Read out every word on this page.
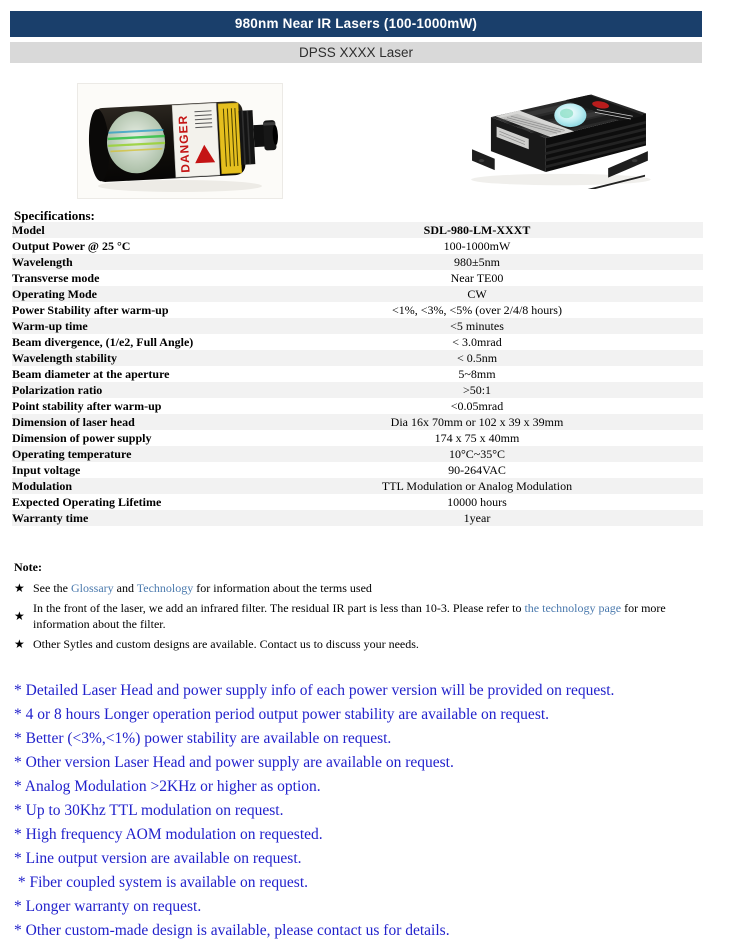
980nm Near IR Lasers (100-1000mW)
DPSS XXXX Laser
DANGER
Specifications:
Model	SDL-980-LM-XXXT
Output Power @ 25 °C	100-1000mW
Wavelength	980±5nm
Transverse mode	Near TE00
Operating Mode	CW
Power Stability after warm-up	<1%, <3%, <5% (over 2/4/8 hours)
Warm-up time	<5 minutes
Beam divergence, (1/e2, Full Angle)	< 3.0mrad
Wavelength stability	< 0.5nm
Beam diameter at the aperture	5~8mm
Polarization ratio	>50:1
Point stability after warm-up	<0.05mrad
Dimension of laser head	Dia 16x 70mm or 102 x 39 x 39mm
Dimension of power supply	174 x 75 x 40mm
Operating temperature	10°C~35°C
Input voltage	90-264VAC
Modulation	TTL Modulation or Analog Modulation
Expected Operating Lifetime	10000 hours
Warranty time	1year
Note:
★ See the Glossary and Technology for information about the terms used
★
In the front of the laser, we add an infrared filter. The residual IR part is less than 10-3. Please refer to the technology page for more information about the filter.
★ Other Sytles and custom designs are available. Contact us to discuss your needs.
* Detailed Laser Head and power supply info of each power version will be provided on request.
* 4 or 8 hours Longer operation period output power stability are available on request.
* Better (<3%,<1%) power stability are available on request.
* Other version Laser Head and power supply are available on request.
* Analog Modulation >2KHz or higher as option.
* Up to 30Khz TTL modulation on request.
* High frequency AOM modulation on requested.
* Line output version are available on request.
* Fiber coupled system is available on request.
* Longer warranty on request.
* Other custom-made design is available, please contact us for details.
